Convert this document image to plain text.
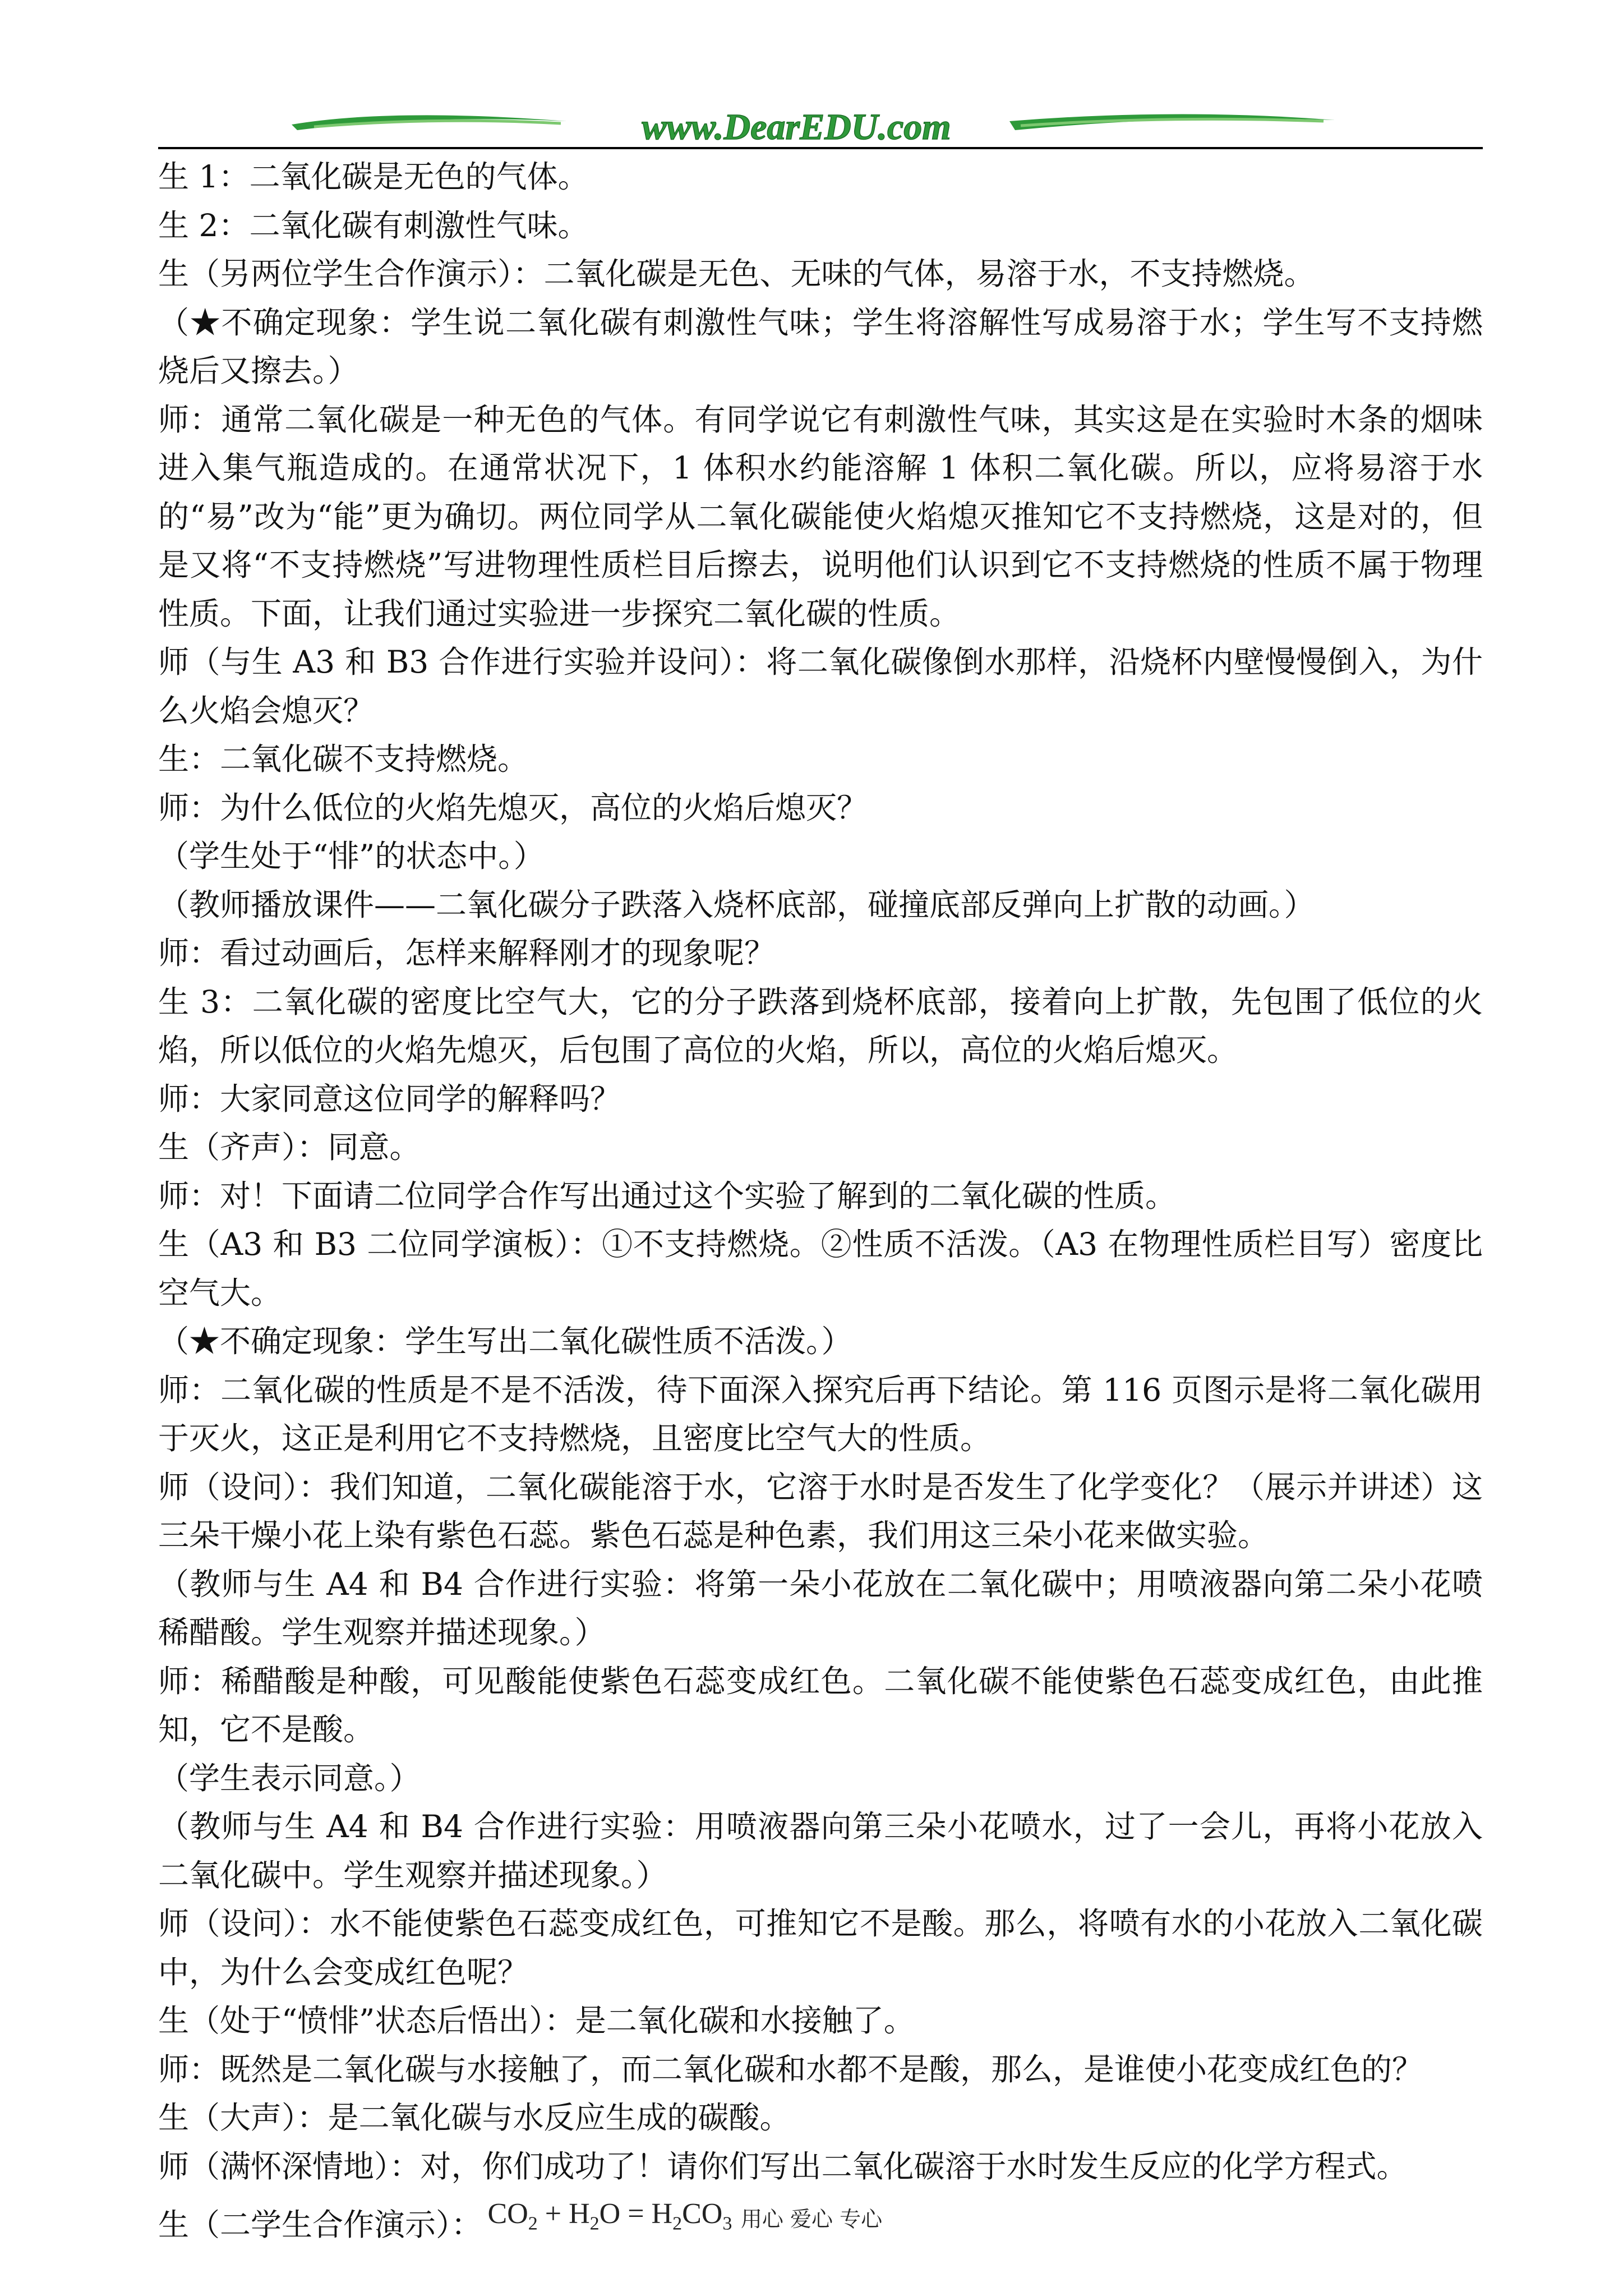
www.DearEDU.com

生 1：二氧化碳是无色的气体。

生 2：二氧化碳有刺激性气味。

生（另两位学生合作演示）：二氧化碳是无色、无味的气体，易溶于水，不支持燃烧。

（★不确定现象：学生说二氧化碳有刺激性气味；学生将溶解性写成易溶于水；学生写不支持燃烧后又擦去。）

师：通常二氧化碳是一种无色的气体。有同学说它有刺激性气味，其实这是在实验时木条的烟味进入集气瓶造成的。在通常状况下，1 体积水约能溶解 1 体积二氧化碳。所以，应将易溶于水的“易”改为“能”更为确切。两位同学从二氧化碳能使火焰熄灭推知它不支持燃烧，这是对的，但是又将“不支持燃烧”写进物理性质栏目后擦去，说明他们认识到它不支持燃烧的性质不属于物理性质。下面，让我们通过实验进一步探究二氧化碳的性质。

师（与生 A3 和 B3 合作进行实验并设问）：将二氧化碳像倒水那样，沿烧杯内壁慢慢倒入，为什么火焰会熄灭？

生：二氧化碳不支持燃烧。

师：为什么低位的火焰先熄灭，高位的火焰后熄灭？

（学生处于“悱”的状态中。）

（教师播放课件——二氧化碳分子跌落入烧杯底部，碰撞底部反弹向上扩散的动画。）

师：看过动画后，怎样来解释刚才的现象呢？

生 3：二氧化碳的密度比空气大，它的分子跌落到烧杯底部，接着向上扩散，先包围了低位的火焰，所以低位的火焰先熄灭，后包围了高位的火焰，所以，高位的火焰后熄灭。

师：大家同意这位同学的解释吗？

生（齐声）：同意。

师：对！下面请二位同学合作写出通过这个实验了解到的二氧化碳的性质。

生（A3 和 B3 二位同学演板）：①不支持燃烧。②性质不活泼。（A3 在物理性质栏目写）密度比空气大。

（★不确定现象：学生写出二氧化碳性质不活泼。）

师：二氧化碳的性质是不是不活泼，待下面深入探究后再下结论。第 116 页图示是将二氧化碳用于灭火，这正是利用它不支持燃烧，且密度比空气大的性质。

师（设问）：我们知道，二氧化碳能溶于水，它溶于水时是否发生了化学变化？（展示并讲述）这三朵干燥小花上染有紫色石蕊。紫色石蕊是种色素，我们用这三朵小花来做实验。

（教师与生 A4 和 B4 合作进行实验：将第一朵小花放在二氧化碳中；用喷液器向第二朵小花喷稀醋酸。学生观察并描述现象。）

师：稀醋酸是种酸，可见酸能使紫色石蕊变成红色。二氧化碳不能使紫色石蕊变成红色，由此推知，它不是酸。

（学生表示同意。）

（教师与生 A4 和 B4 合作进行实验：用喷液器向第三朵小花喷水，过了一会儿，再将小花放入二氧化碳中。学生观察并描述现象。）

师（设问）：水不能使紫色石蕊变成红色，可推知它不是酸。那么，将喷有水的小花放入二氧化碳中，为什么会变成红色呢？

生（处于“愤悱”状态后悟出）：是二氧化碳和水接触了。

师：既然是二氧化碳与水接触了，而二氧化碳和水都不是酸，那么，是谁使小花变成红色的？

生（大声）：是二氧化碳与水反应生成的碳酸。

师（满怀深情地）：对，你们成功了！请你们写出二氧化碳溶于水时发生反应的化学方程式。

生（二学生合作演示）： $CO_2 + H_2O = H_2CO_3$ 用心 爱心 专心
